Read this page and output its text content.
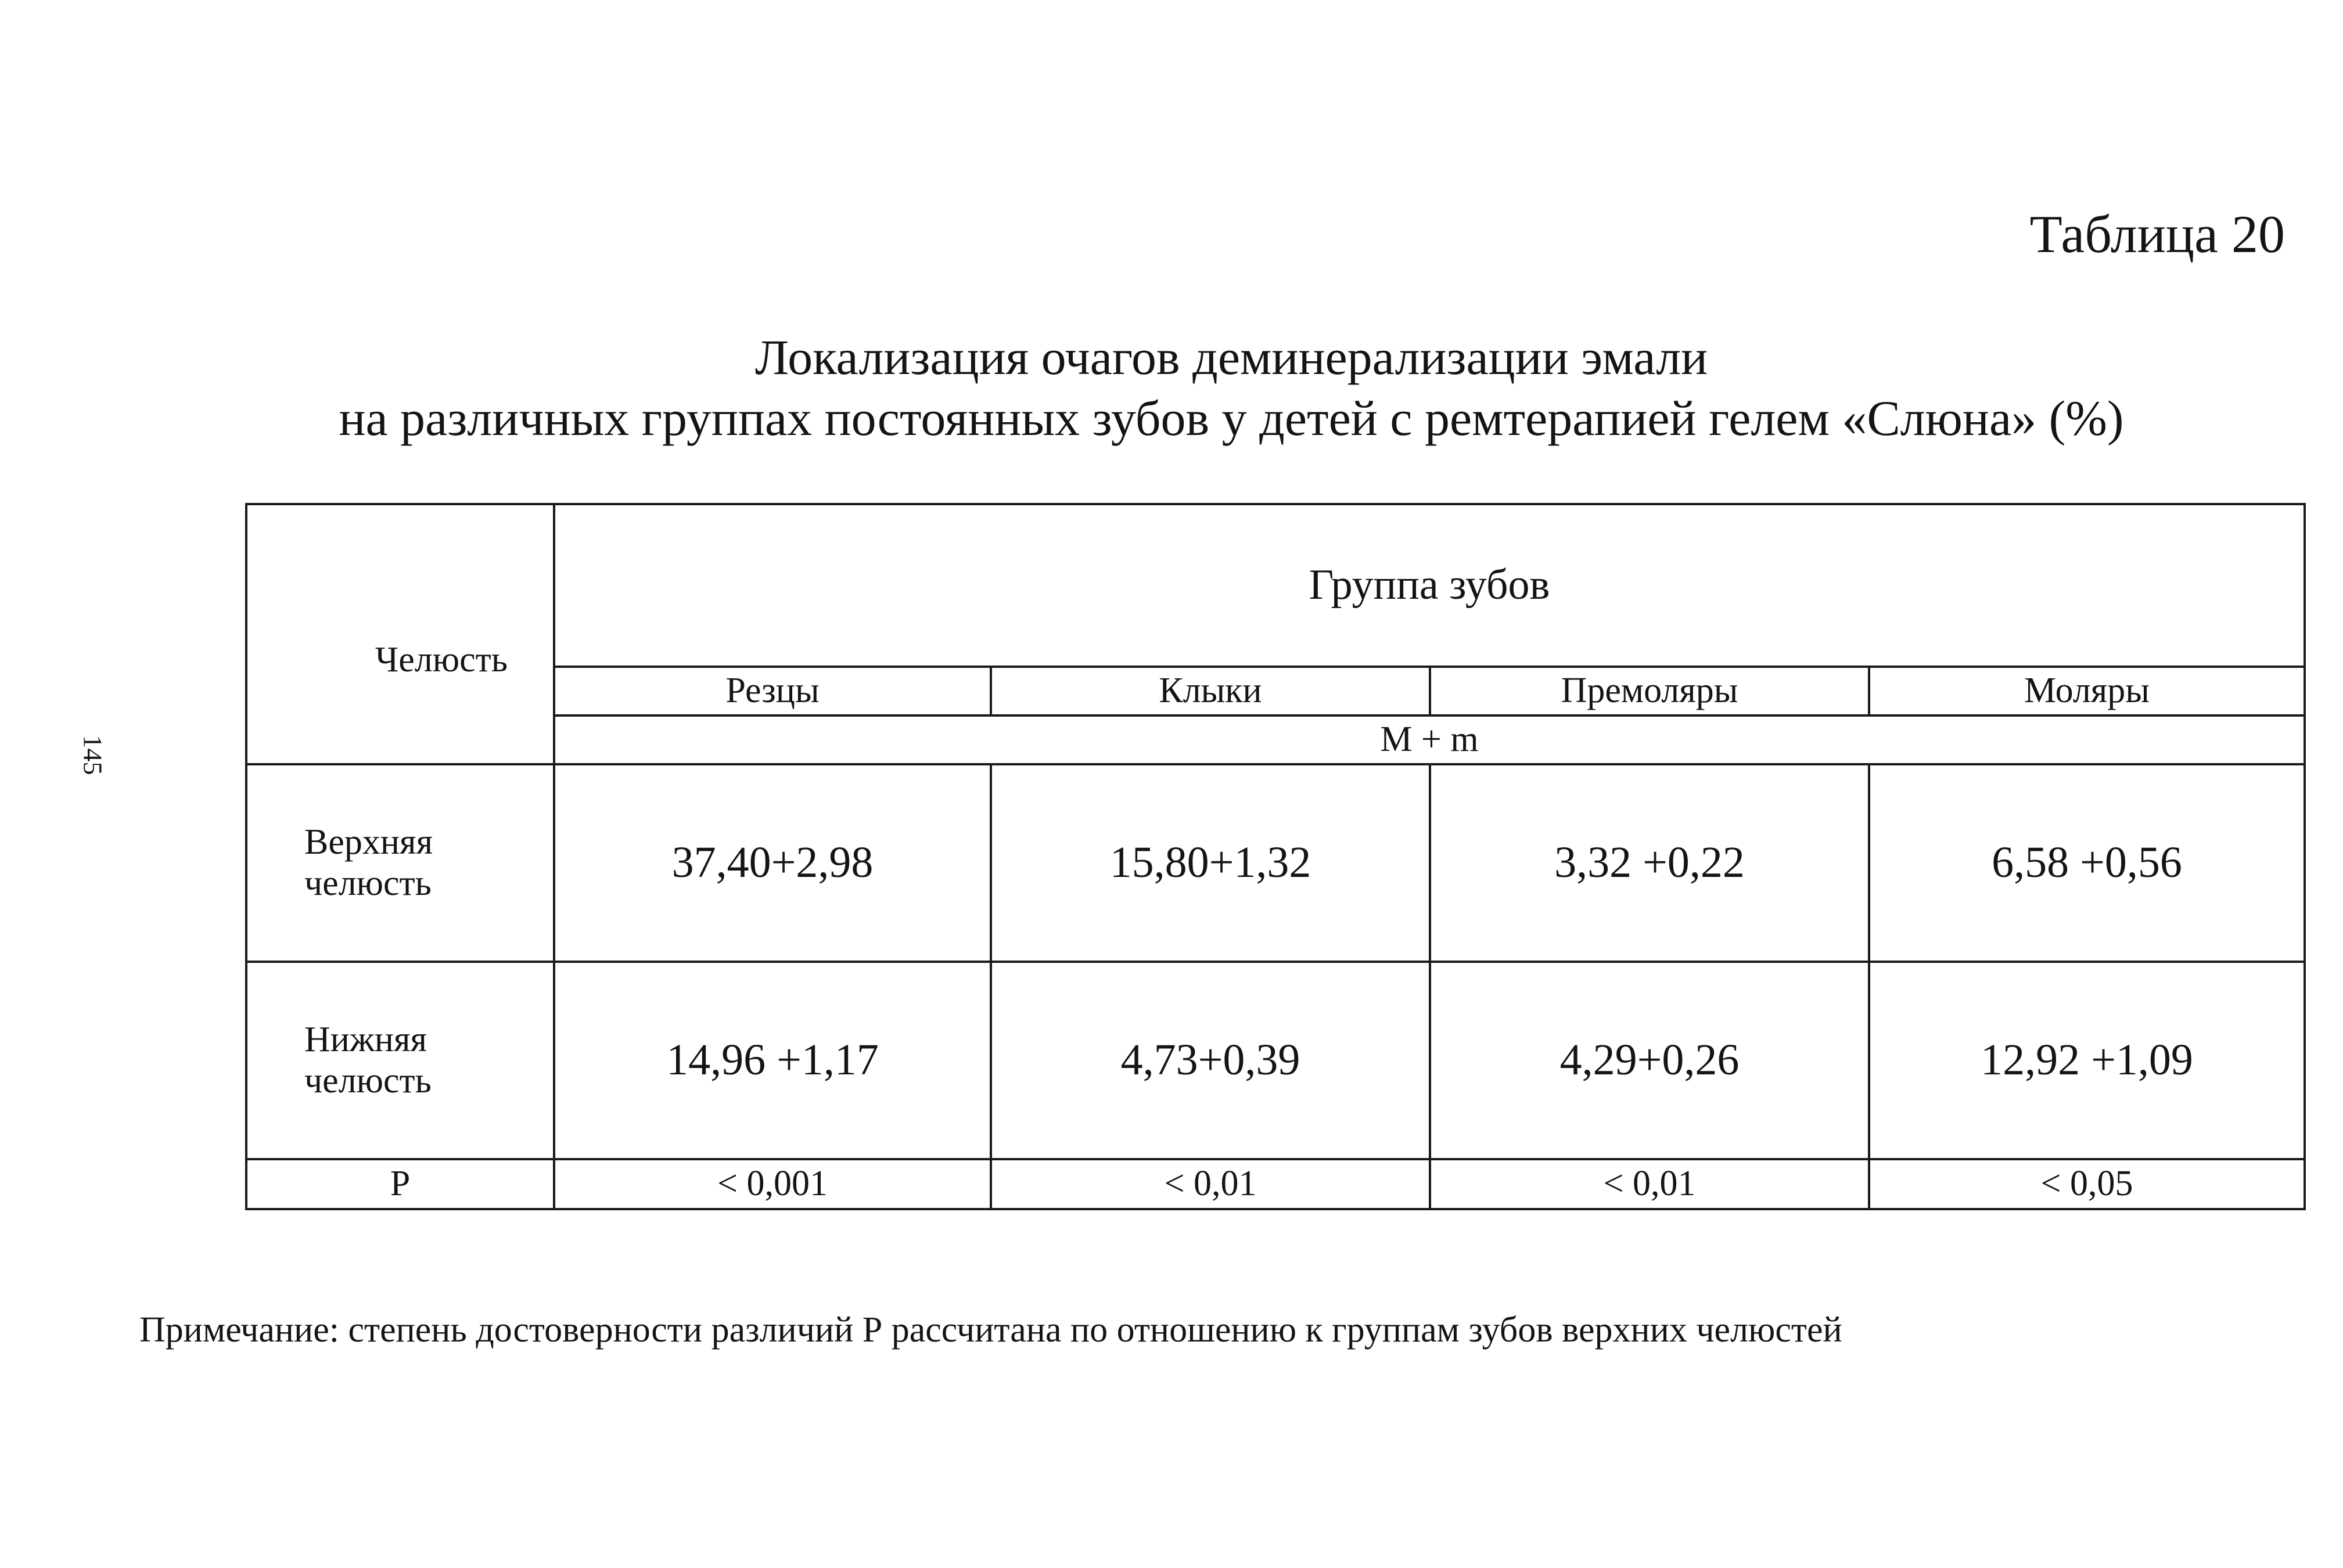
145
Таблица 20
Локализация очагов деминерализации эмали
на различных группах постоянных зубов у детей с ремтерапией гелем «Слюна» (%)
Челюсть	Группа зубов			
	Резцы	Клыки	Премоляры	Моляры
	M + m			
Верхняя челюсть	37,40+2,98	15,80+1,32	3,32 +0,22	6,58 +0,56
Нижняя челюсть	14,96 +1,17	4,73+0,39	4,29+0,26	12,92 +1,09
P	< 0,001	< 0,01	< 0,01	< 0,05
Примечание: степень достоверности различий Р рассчитана по отношению к группам зубов верхних челюстей
